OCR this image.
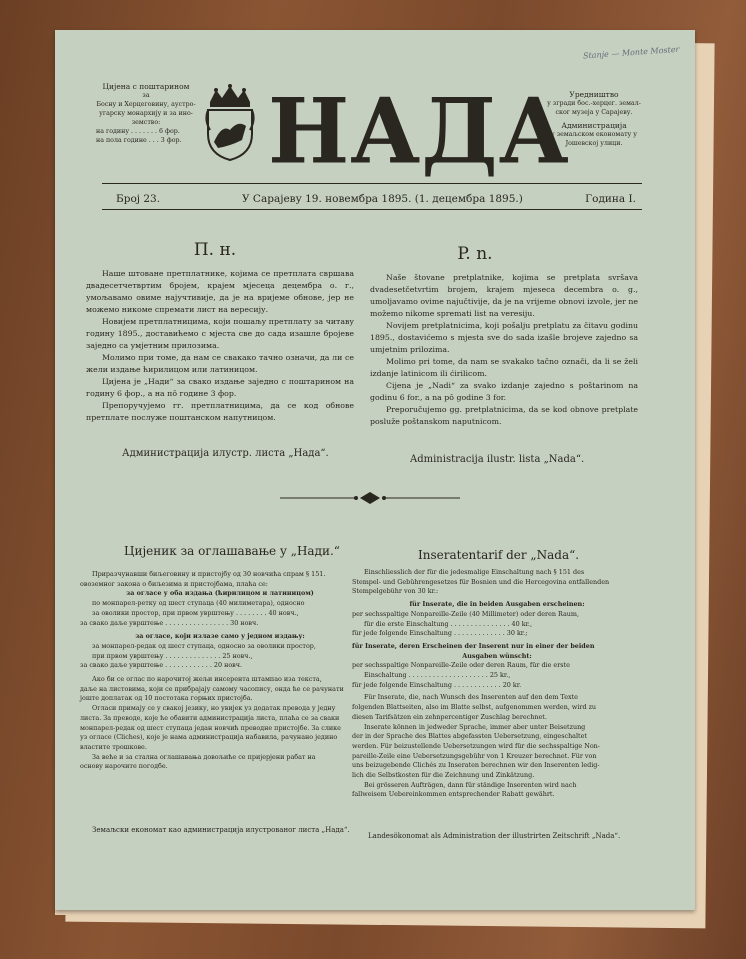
Stanje — Monte Moster
Цијена с поштарином
за
Босну и Херцеговину, аустро-
угарску монархију и за ино-
земство:
на годину . . . . . . . 6 фор.
на пола године . . . 3 фор. НАДА Уредништво
у згради бос.-херцег. земал-
ског музеја у Сарајеву.
Администрација
у земаљском економату у
Јошевској улици.
Број 23.	У Сарајеву 19. новембра 1895. (1. децембра 1895.)	Година I.
П. н.

Наше штоване претплатнике, којима се претплата свршава двадесетчетвртим бројем, крајем мјесеца децембра о. г., умољавамо овиме најучтивије, да је на вријеме обнове, јер не можемо никоме спремати лист на вересију.

Новијем претплатницима, који пошаљу претплату за читаву годину 1895., доставићемо с мјеста све до сада изашле бројеве заједно са умјетним прилозима.

Молимо при томе, да нам се свакако тачно означи, да ли се жели издање ћирилицом или латиницом.

Цијена је „Нади“ за свако издање заједно с поштарином на годину 6 фор., а на пô године 3 фор.

Препоручујемо гг. претплатницима, да се код обнове претплате послуже поштанском напутницом.

Администрација илустр. листа „Нада“.
P. n.

Naše štovane pretplatnike, kojima se pretplata svršava dvadesetčetvrtim brojem, krajem mjeseca decembra o. g., umoljavamo ovime najučtivije, da je na vrijeme obnovi izvole, jer ne možemo nikome spremati list na veresiju.

Novijem pretplatnicima, koji pošalju pretplatu za čitavu godinu 1895., dostavićemo s mjesta sve do sada izašle brojeve zajedno sa umjetnim prilozima.

Molimo pri tome, da nam se svakako tačno označi, da li se želi izdanje latinicom ili ćirilicom.

Cijena je „Nadi“ za svako izdanje zajedno s poštarinom na godinu 6 for., a na pô godine 3 for.

Preporučujemo gg. pretplatnicima, da se kod obnove pretplate posluže poštanskom naputnicom.

Administracija ilustr. lista „Nada“.
Цијеник за оглашавање у „Нади.“
Приразчунавши биљеговину и пристојбу од 30 новчића спрам § 151.
овоземног закона о биљезима и пристојбама, плаћа се:
за огласе у оба издања (ћирилицом и латиницом)
по монпарел-ретку од шест ступаца (40 милиметара), односно
за оволики простор, при првом уврштењу . . . . . . . . 40 новч.,
за свако даље уврштење . . . . . . . . . . . . . . . . 30 новч.
за огласе, који излазе само у једном издању:
за монпарел-редак од шест ступаца, односно за оволики простор,
при првом уврштењу . . . . . . . . . . . . . . 25 новч.,
за свако даље уврштење . . . . . . . . . . . . 20 новч.
Ако би се оглас по нарочитој жељи инсерента штампао иза текста,
даље на листовима, који се прибрајају самому часопису, онда ће се рачунати
јоште доплатак од 10 постотака горњих пристојба.
Огласи примају се у свакој језику, но увијек уз додатак превода у једну
листа. За преводе, које ће обавити администрација листа, плаћа се за сваки
монпарел-редак од шест ступаца један новчић преводне пристојбе. За слике
уз огласе (Cliches), које је нама администрација набавила, рачунано једино
властите трошкове.
За веће и за стална оглашавања довољиће се пријерјени рабат на
основу нарочите погодбе.
Земаљски економат као администрација илустрованог листа „Нада“.
Inseratentarif der „Nada“.
Einschliesslich der für die jedesmalige Einschaltung nach § 151 des
Stempel- und Gebührengesetzes für Bosnien und die Hercegovina entfallenden
Stempelgebühr von 30 kr.:
für Inserate, die in beiden Ausgaben erscheinen:
per sechsspaltige Nonpareille-Zeile (40 Millimeter) oder deren Raum,
für die erste Einschaltung . . . . . . . . . . . . . . . 40 kr.,
für jede folgende Einschaltung . . . . . . . . . . . . . 30 kr.;
für Inserate, deren Erscheinen der Inserent nur in einer der beiden
Ausgaben wünscht:
per sechsspaltige Nonpareille-Zeile oder deren Raum, für die erste
Einschaltung . . . . . . . . . . . . . . . . . . . . 25 kr.,
für jede folgende Einschaltung . . . . . . . . . . . . 20 kr.
Für Inserate, die, nach Wunsch des Inserenten auf den dem Texte
folgenden Blattseiten, also im Blatte selbst, aufgenommen werden, wird zu
diesen Tarifsätzen ein zehnpercentiger Zuschlag berechnet.
Inserate können in jedweder Sprache, immer aber unter Beisetzung
der in der Sprache des Blattes abgefassten Uebersetzung, eingeschaltet
werden. Für beizustellende Uebersetzungen wird für die sechsspaltige Non-
pareille-Zeile eine Uebersetzungsgebühr von 1 Kreuzer berechnet. Für von
uns beizugebende Clichés zu Inseraten berechnen wir den Inserenten ledig-
lich die Selbstkosten für die Zeichnung und Zinkätzung.
Bei grösseren Aufträgen, dann für ständige Inserenten wird nach
fallweisem Uebereinkommen entsprechender Rabatt gewährt.
Landesökonomat als Administration der illustrirten Zeitschrift „Nada“.
